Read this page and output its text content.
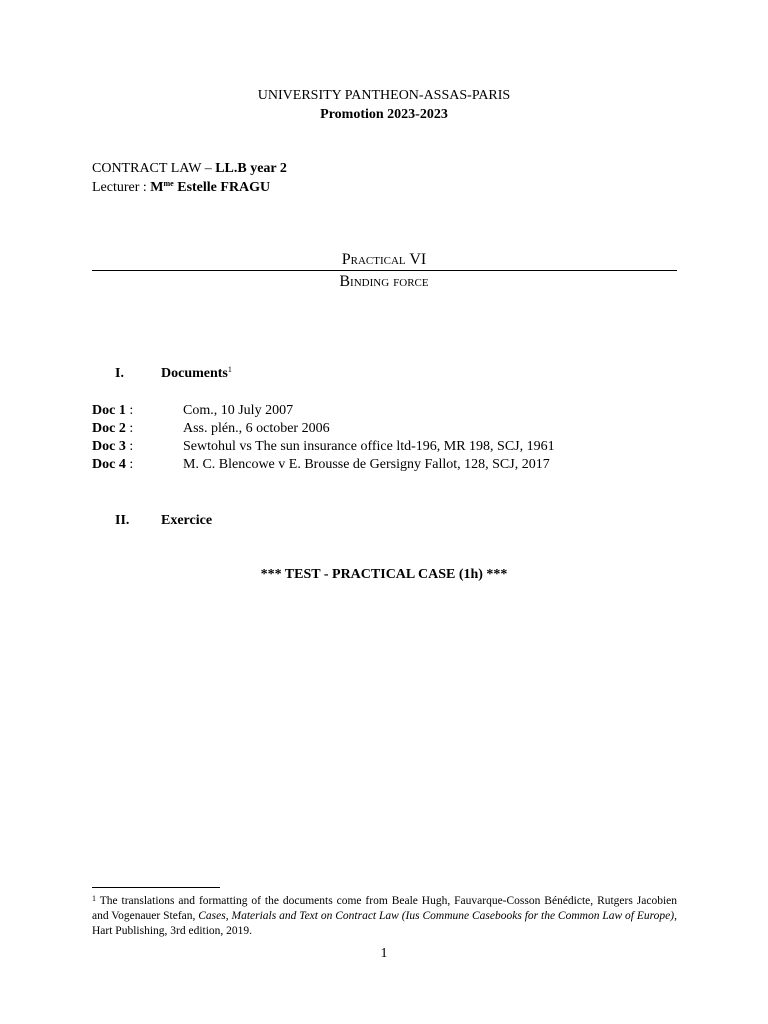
UNIVERSITY PANTHEON-ASSAS-PARIS
Promotion 2023-2023
CONTRACT LAW – LL.B year 2
Lecturer : $M^{me}$ Estelle FRAGU
Practical VI
Binding force
I.	Documents$^1$
Doc 1 :	Com., 10 July 2007
Doc 2 :	Ass. plén., 6 october 2006
Doc 3 :	Sewtohul vs The sun insurance office ltd-196, MR 198, SCJ, 1961
Doc 4 :	M. C. Blencowe v E. Brousse de Gersigny Fallot, 128, SCJ, 2017
II. Exercice
*** TEST - PRACTICAL CASE (1h) ***
$^1$ The translations and formatting of the documents come from Beale Hugh, Fauvarque-Cosson Bénédicte, Rutgers Jacobien and Vogenauer Stefan, Cases, Materials and Text on Contract Law (Ius Commune Casebooks for the Common Law of Europe), Hart Publishing, 3rd edition, 2019.
1
